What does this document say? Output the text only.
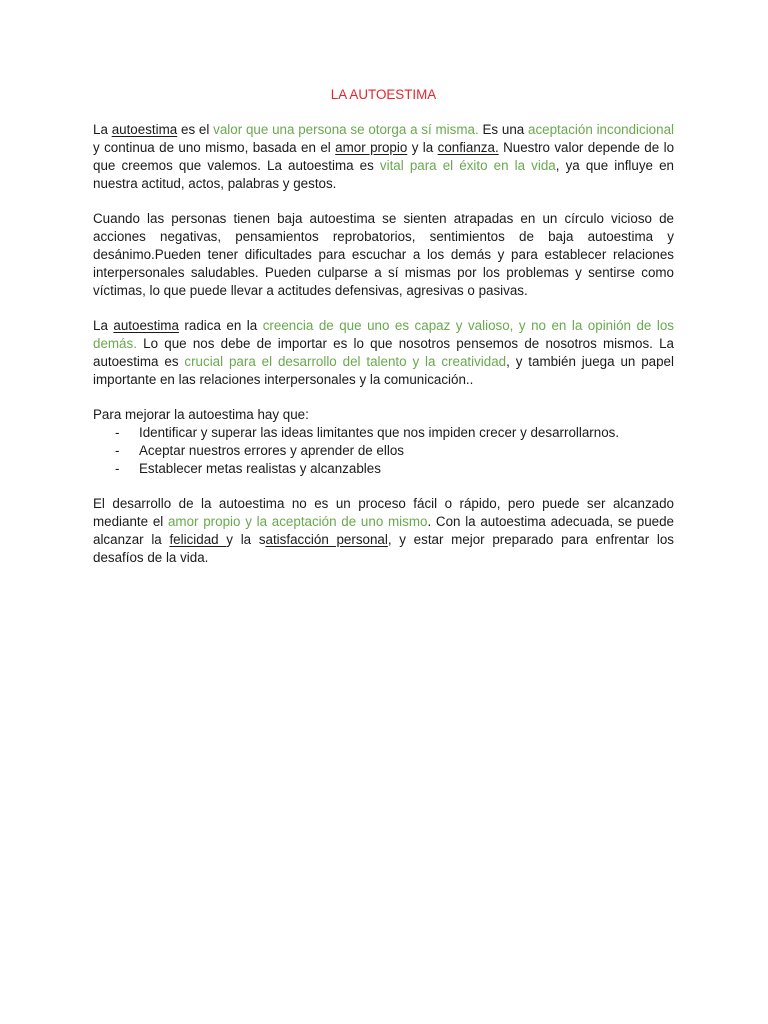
LA AUTOESTIMA

La autoestima es el valor que una persona se otorga a sí misma. Es una aceptación incondicional y continua de uno mismo, basada en el amor propio y la confianza. Nuestro valor depende de lo que creemos que valemos. La autoestima es vital para el éxito en la vida, ya que influye en nuestra actitud, actos, palabras y gestos.

Cuando las personas tienen baja autoestima se sienten atrapadas en un círculo vicioso de acciones negativas, pensamientos reprobatorios, sentimientos de baja autoestima y desánimo.Pueden tener dificultades para escuchar a los demás y para establecer relaciones interpersonales saludables. Pueden culparse a sí mismas por los problemas y sentirse como víctimas, lo que puede llevar a actitudes defensivas, agresivas o pasivas.

La autoestima radica en la creencia de que uno es capaz y valioso, y no en la opinión de los demás. Lo que nos debe de importar es lo que nosotros pensemos de nosotros mismos. La autoestima es crucial para el desarrollo del talento y la creatividad, y también juega un papel importante en las relaciones interpersonales y la comunicación..

Para mejorar la autoestima hay que:
- Identificar y superar las ideas limitantes que nos impiden crecer y desarrollarnos.
- Aceptar nuestros errores y aprender de ellos
- Establecer metas realistas y alcanzables

El desarrollo de la autoestima no es un proceso fácil o rápido, pero puede ser alcanzado mediante el amor propio y la aceptación de uno mismo. Con la autoestima adecuada, se puede alcanzar la felicidad y la satisfacción personal, y estar mejor preparado para enfrentar los desafíos de la vida.
